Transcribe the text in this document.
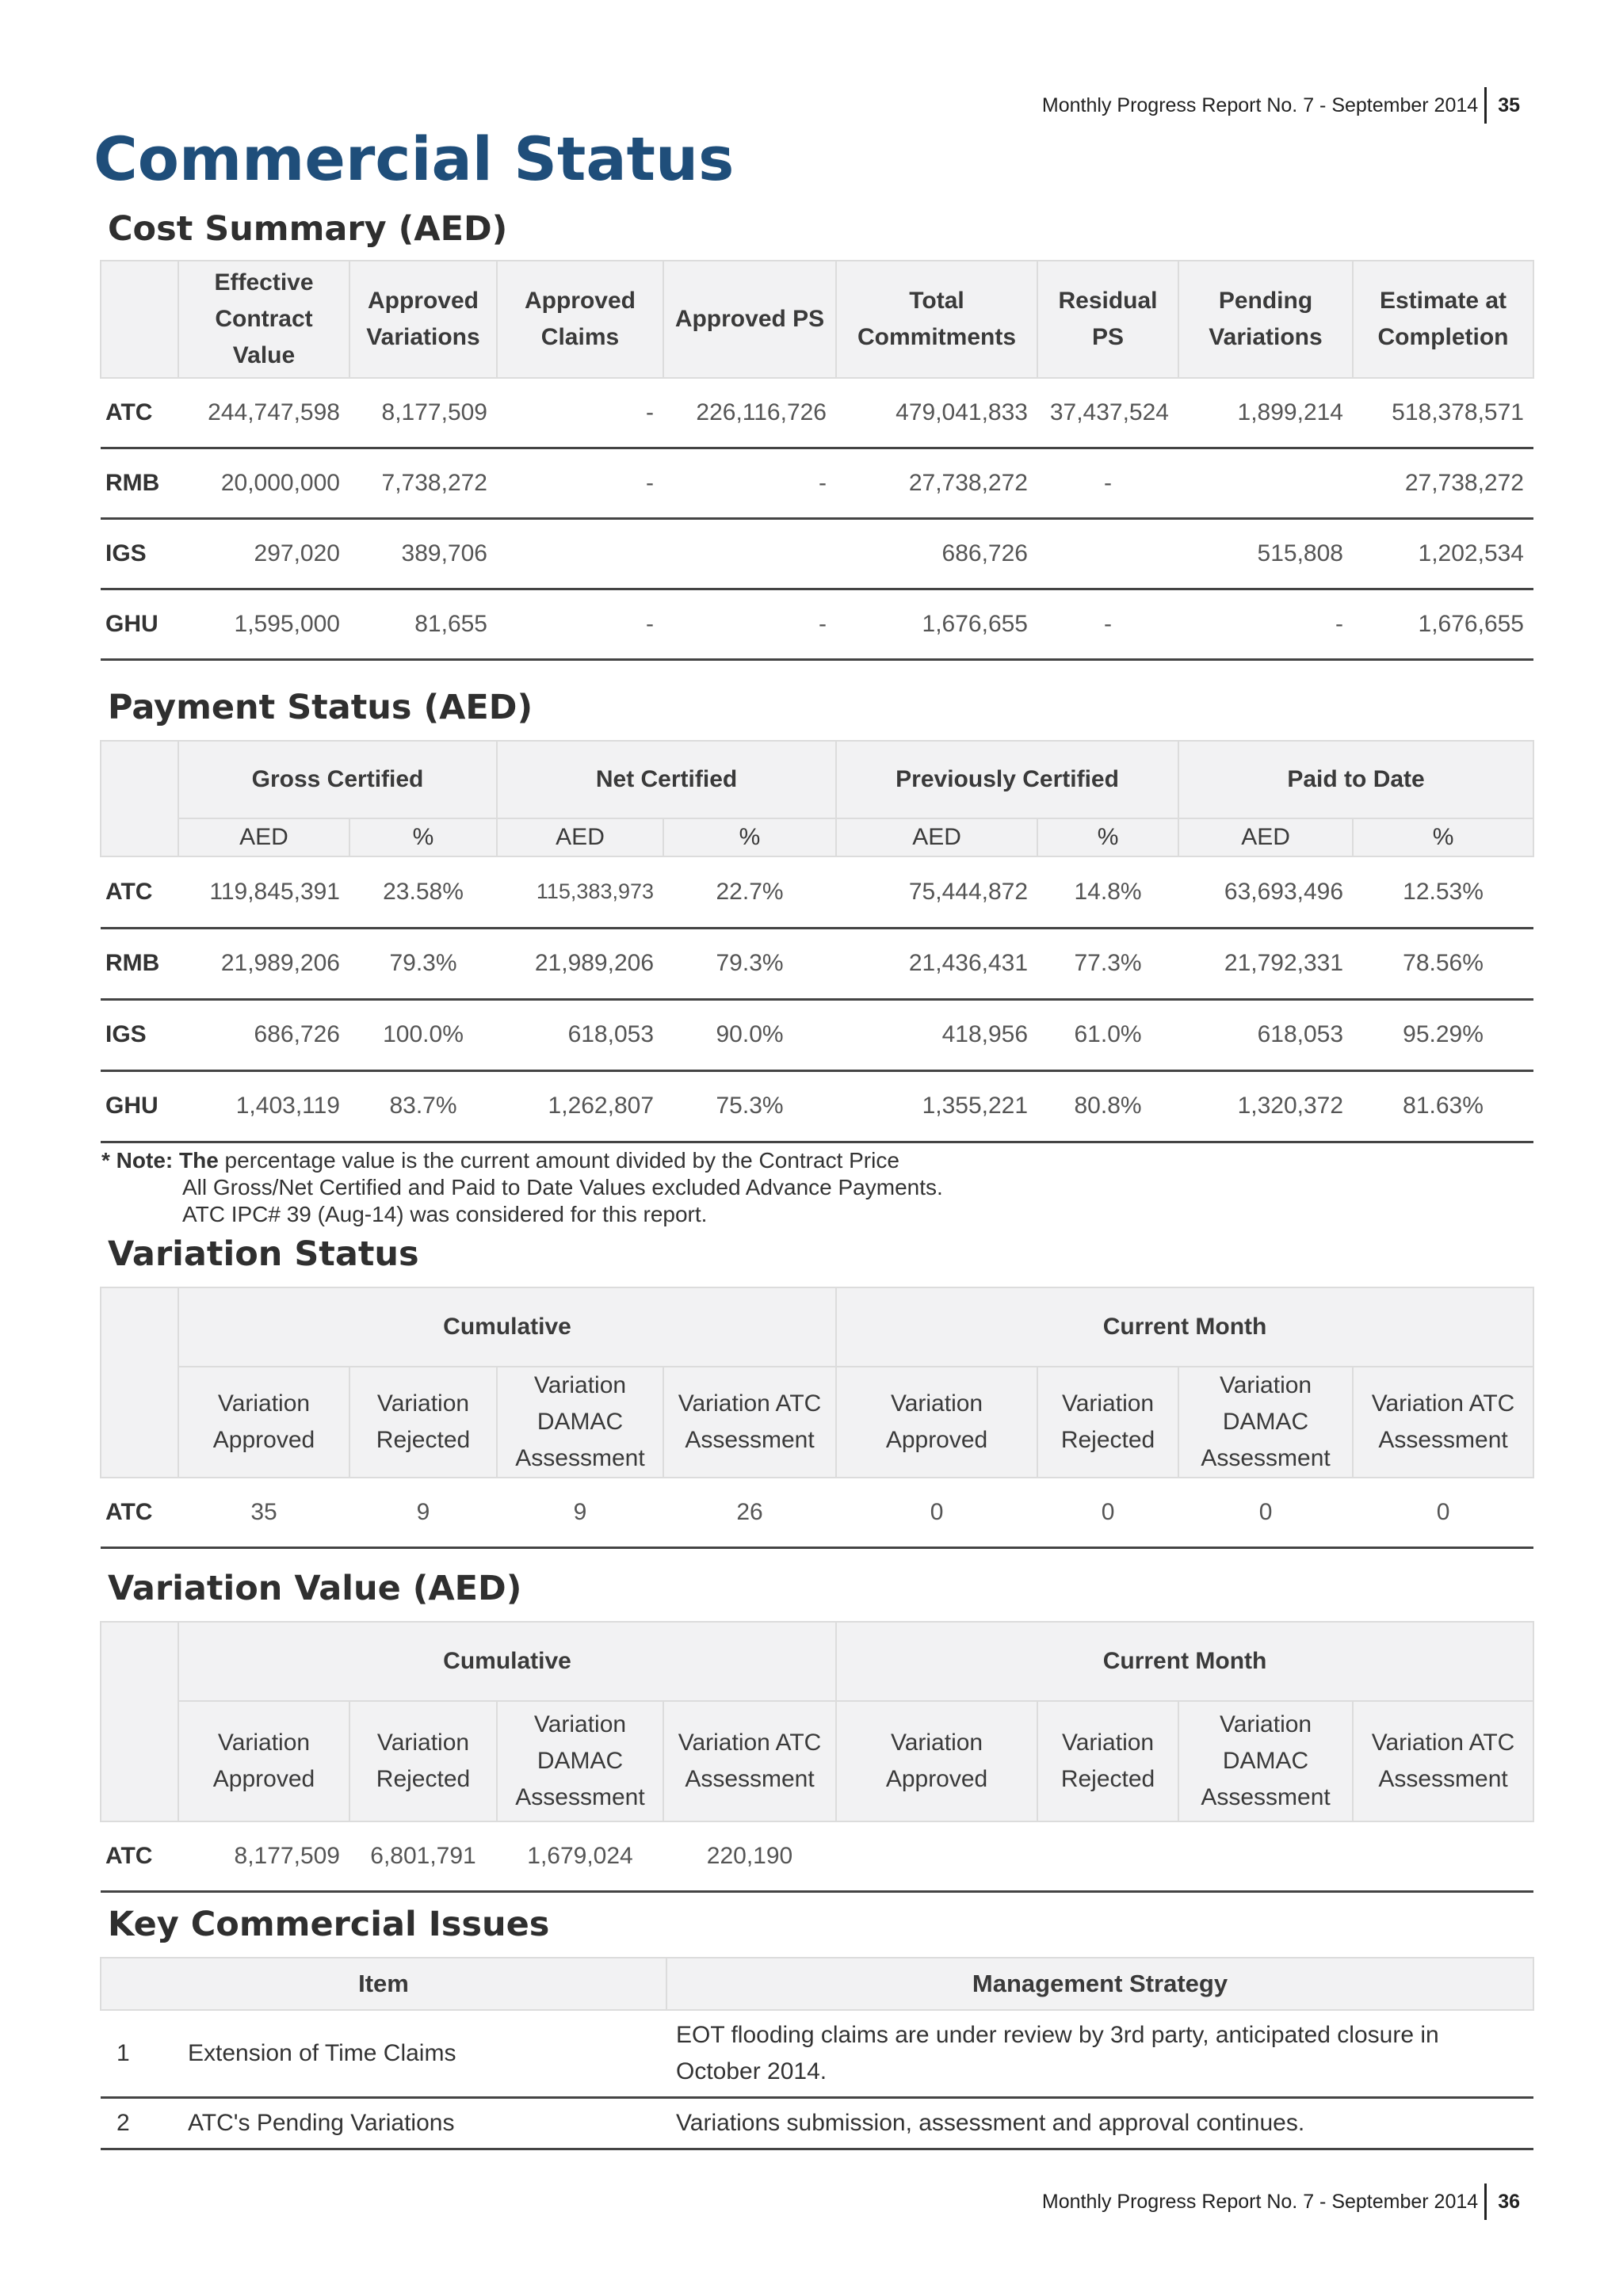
Monthly Progress Report No. 7 - September 2014 35
Commercial Status
Cost Summary (AED)
	Effective Contract Value	Approved Variations	Approved Claims	Approved PS	Total Commitments	Residual PS	Pending Variations	Estimate at Completion
ATC	244,747,598	8,177,509	-	226,116,726	479,041,833	37,437,524	1,899,214	518,378,571
RMB	20,000,000	7,738,272	-	-	27,738,272	-		27,738,272
IGS	297,020	389,706			686,726		515,808	1,202,534
GHU	1,595,000	81,655	-	-	1,676,655	-	-	1,676,655
Payment Status (AED)
	Gross Certified		Net Certified		Previously Certified		Paid to Date	
	AED	%	AED	%	AED	%	AED	%
ATC	119,845,391	23.58%	115,383,973	22.7%	75,444,872	14.8%	63,693,496	12.53%
RMB	21,989,206	79.3%	21,989,206	79.3%	21,436,431	77.3%	21,792,331	78.56%
IGS	686,726	100.0%	618,053	90.0%	418,956	61.0%	618,053	95.29%
GHU	1,403,119	83.7%	1,262,807	75.3%	1,355,221	80.8%	1,320,372	81.63%
* Note: The percentage value is the current amount divided by the Contract Price
All Gross/Net Certified and Paid to Date Values excluded Advance Payments.
ATC IPC# 39 (Aug-14) was considered for this report.
Variation Status
	Cumulative				Current Month			
	Variation Approved	Variation Rejected	Variation DAMAC Assessment	Variation ATC Assessment	Variation Approved	Variation Rejected	Variation DAMAC Assessment	Variation ATC Assessment
ATC	35	9	9	26	0	0	0	0
Variation Value (AED)
	Cumulative				Current Month			
	Variation Approved	Variation Rejected	Variation DAMAC Assessment	Variation ATC Assessment	Variation Approved	Variation Rejected	Variation DAMAC Assessment	Variation ATC Assessment
ATC	8,177,509	6,801,791	1,679,024	220,190				
Key Commercial Issues
Item		Management Strategy
1	Extension of Time Claims	EOT flooding claims are under review by 3rd party, anticipated closure in October 2014.
2	ATC's Pending Variations	Variations submission, assessment and approval continues.
Monthly Progress Report No. 7 - September 2014 36
